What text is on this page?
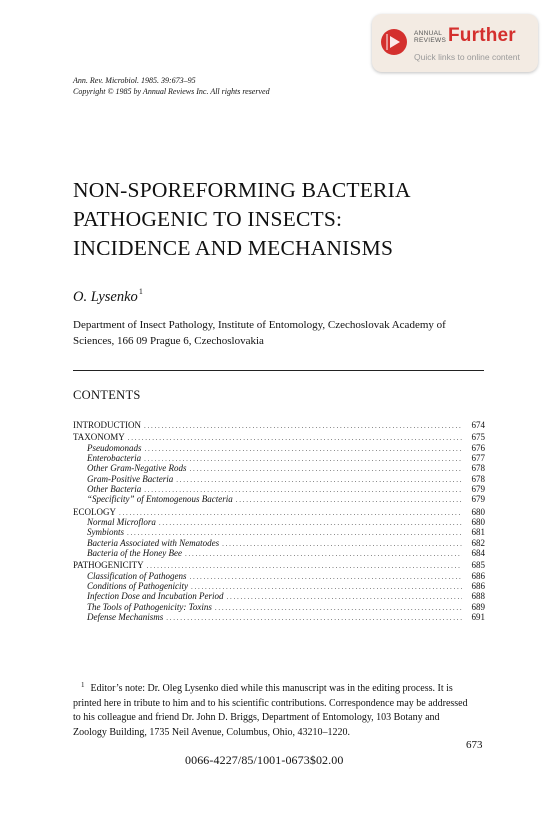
ANNUAL
REVIEWS Further
Quick links to online content
Ann. Rev. Microbiol. 1985. 39:673–95
Copyright © 1985 by Annual Reviews Inc. All rights reserved
NON-SPOREFORMING BACTERIA
PATHOGENIC TO INSECTS:
INCIDENCE AND MECHANISMS
O. Lysenko$^1$
Department of Insect Pathology, Institute of Entomology, Czechoslovak Academy of
Sciences, 166 09 Prague 6, Czechoslovakia
CONTENTS
INTRODUCTION . . .	674
TAXONOMY . . .	675
Pseudomonads . . .	676
Enterobacteria . . .	677
Other Gram-Negative Rods . . .	678
Gram-Positive Bacteria . . .	678
Other Bacteria . . .	679
“Specificity” of Entomogenous Bacteria . . .	679
ECOLOGY . . .	680
Normal Microflora . . .	680
Symbionts . . .	681
Bacteria Associated with Nematodes . . .	682
Bacteria of the Honey Bee . . .	684
PATHOGENICITY . . .	685
Classification of Pathogens . . .	686
Conditions of Pathogenicity . . .	686
Infection Dose and Incubation Period . . .	688
The Tools of Pathogenicity: Toxins . . .	689
Defense Mechanisms . . .	691
$^1$ Editor’s note: Dr. Oleg Lysenko died while this manuscript was in the editing process. It is
printed here in tribute to him and to his scientific contributions. Correspondence may be addressed
to his colleague and friend Dr. John D. Briggs, Department of Entomology, 103 Botany and
Zoology Building, 1735 Neil Avenue, Columbus, Ohio, 43210–1220.
673
0066-4227/85/1001-0673$02.00
